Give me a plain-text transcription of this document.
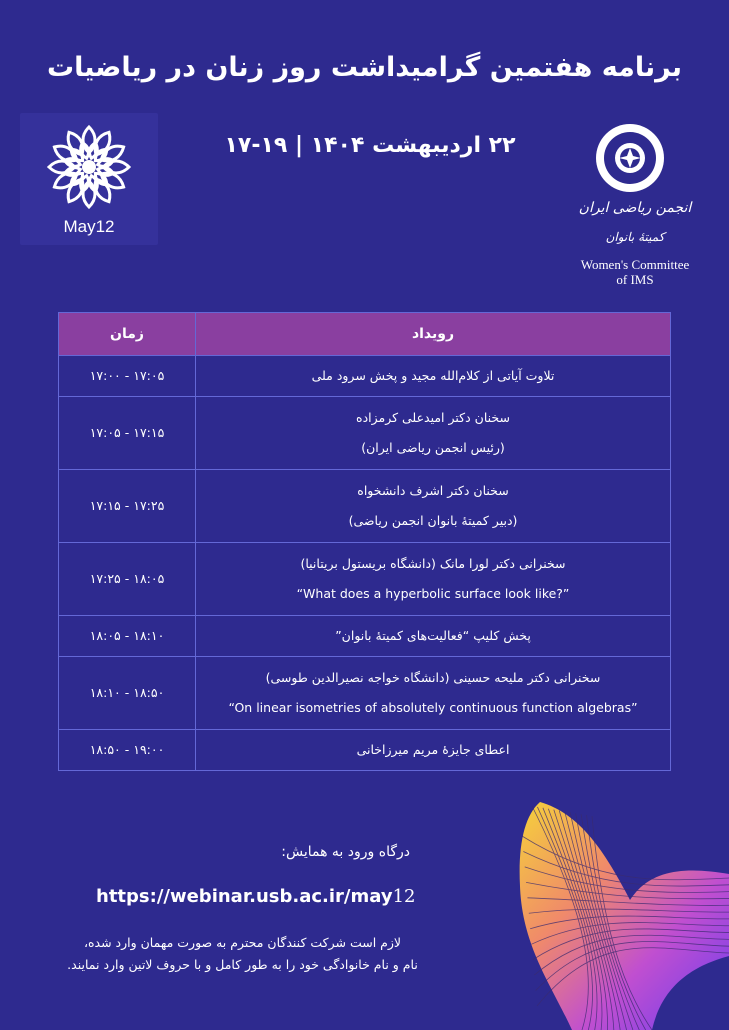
برنامه هفتمین گرامیداشت روز زنان در ریاضیات
May12
۲۲ اردیبهشت ۱۴۰۴ | ۱۹-۱۷
انجمن ریاضی ایران
کمیتهٔ بانوان
Women's Committee
of IMS
رویداد	زمان

تلاوت آیاتی از کلام‌الله مجید و پخش سرود ملی	۱۷:۰۰ - ۱۷:۰۵

سخنان دکتر امیدعلی کرمزاده
(رئیس انجمن ریاضی ایران)	۱۷:۰۵ - ۱۷:۱۵

سخنان دکتر اشرف دانشخواه
(دبیر کمیتهٔ بانوان انجمن ریاضی)	۱۷:۱۵ - ۱۷:۲۵

سخنرانی دکتر لورا مانک (دانشگاه بریستول بریتانیا)
“What does a hyperbolic surface look like?”	۱۷:۲۵ - ۱۸:۰۵

پخش کلیپ “فعالیت‌های کمیتهٔ بانوان”	۱۸:۰۵ - ۱۸:۱۰

سخنرانی دکتر ملیحه حسینی (دانشگاه خواجه نصیرالدین طوسی)
“On linear isometries of absolutely continuous function algebras”	۱۸:۱۰ - ۱۸:۵۰

اعطای جایزهٔ مریم میرزاخانی	۱۸:۵۰ - ۱۹:۰۰
درگاه ورود به همایش:
https://webinar.usb.ac.ir/may12
لازم است شرکت کنندگان محترم به صورت مهمان وارد شده،
نام و نام خانوادگی خود را به طور کامل و با حروف لاتین وارد نمایند.
